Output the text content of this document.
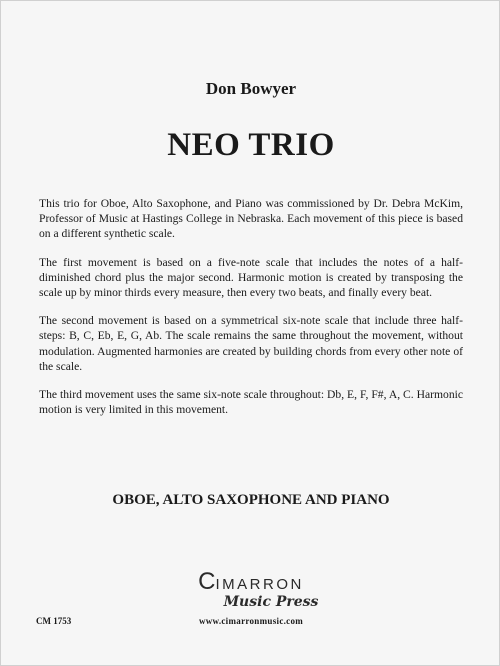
Don Bowyer
NEO TRIO

This trio for Oboe, Alto Saxophone, and Piano was commissioned by Dr. Debra McKim, Professor of Music at Hastings College in Nebraska. Each movement of this piece is based on a different synthetic scale.

The first movement is based on a five-note scale that includes the notes of a half-diminished chord plus the major second. Harmonic motion is created by transposing the scale up by minor thirds every measure, then every two beats, and finally every beat.

The second movement is based on a symmetrical six-note scale that include three half-steps: B, C, Eb, E, G, Ab. The scale remains the same throughout the movement, without modulation. Augmented harmonies are created by building chords from every other note of the scale.

The third movement uses the same six-note scale throughout: Db, E, F, F#, A, C. Harmonic motion is very limited in this movement.

OBOE, ALTO SAXOPHONE AND PIANO
CIMARRON
Music Press
CM 1753	www.cimarronmusic.com
